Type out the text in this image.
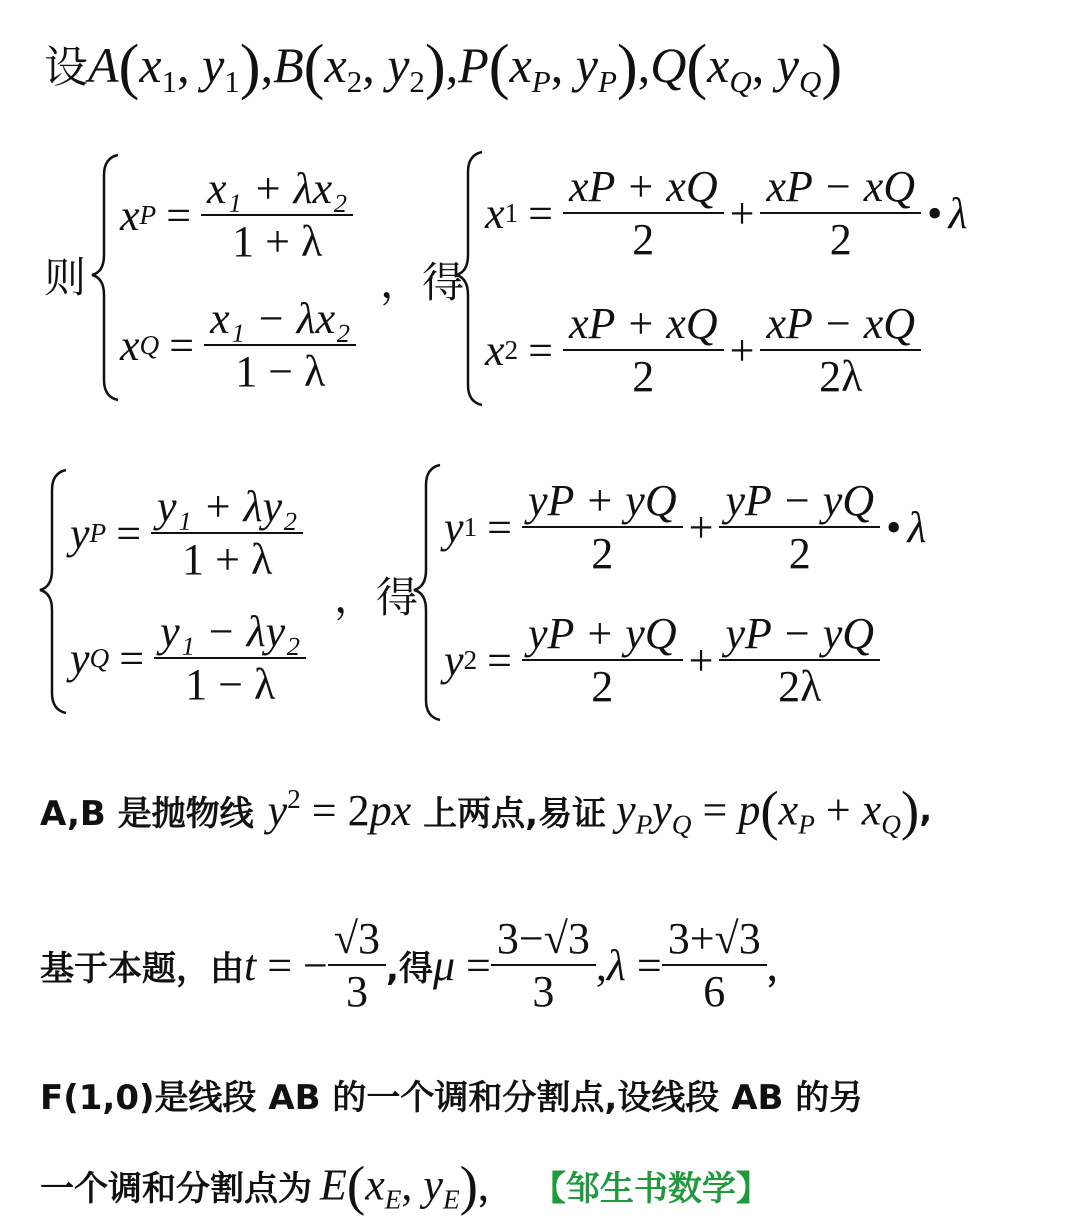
设$A(x_1$, $y_1),B(x_2$, $y_2),P(x_P$, $y_P),Q(x_Q$, $y_Q$)
则
x $P = \frac{\text{x₁ + λx₂}}{1 + \lambda}$
x $Q = \frac{\text{x₁ − λx₂}}{1 - \lambda}$
，得
x $1 = \frac{xP + xQ}{2} + \frac{xP - xQ}{2}$ • λ
x $2 = \frac{xP + xQ}{2} + \frac{xP - xQ}{2\lambda}$
y $P = \frac{\text{y₁ + λy₂}}{1 + \lambda}$
y $Q = \frac{\text{y₁ − λy₂}}{1 - \lambda}$
，得
y $1 = \frac{yP + yQ}{2} + \frac{yP - yQ}{2}$ • λ
y $2 = \frac{yP + yQ}{2} + \frac{yP - yQ}{2\lambda}$
A,B 是抛物线 $y^2 = 2px$ 上两点,易证 $y_Py_Q = p(x_P + x_Q)$ ,
基于本题，由 t = − $\frac{√3}{3}$ ,得 $\mu = \frac{3-√3}{3} ,\lambda = \frac{3+√3}{6}$ ，
F(1,0)是线段 AB 的一个调和分割点,设线段 AB 的另
一个调和分割点为 $E(x_E$, $y_E$) ， 【邹生书数学】
